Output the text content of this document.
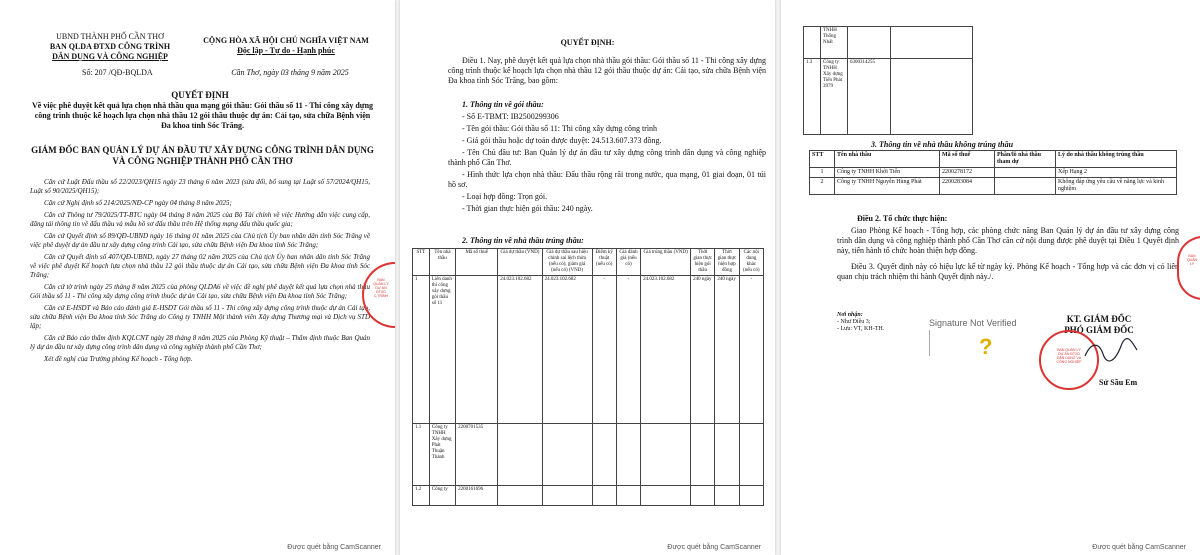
UBND THÀNH PHỐ CẦN THƠ
BAN QLDA ĐTXD CÔNG TRÌNH
DÂN DỤNG VÀ CÔNG NGHIỆP
Số: 207 /QĐ-BQLDA
CỘNG HÒA XÃ HỘI CHỦ NGHĨA VIỆT NAM
Độc lập - Tự do - Hạnh phúc
Cần Thơ, ngày 03 tháng 9 năm 2025
QUYẾT ĐỊNH
Về việc phê duyệt kết quả lựa chọn nhà thầu qua mạng gói thầu: Gói thầu số 11 - Thi công xây dựng công trình thuộc kế hoạch lựa chọn nhà thầu 12 gói thầu thuộc dự án: Cải tạo, sửa chữa Bệnh viện Đa khoa tỉnh Sóc Trăng.
GIÁM ĐỐC BAN QUẢN LÝ DỰ ÁN ĐẦU TƯ XÂY DỰNG CÔNG TRÌNH DÂN DỤNG VÀ CÔNG NGHIỆP THÀNH PHỐ CẦN THƠ
Căn cứ Luật Đấu thầu số 22/2023/QH15 ngày 23 tháng 6 năm 2023 (sửa đổi, bổ sung tại Luật số 57/2024/QH15, Luật số 90/2025/QH15);
Căn cứ Nghị định số 214/2025/NĐ-CP ngày 04 tháng 8 năm 2025;
Căn cứ Thông tư 79/2025/TT-BTC ngày 04 tháng 8 năm 2025 của Bộ Tài chính về việc Hướng dẫn việc cung cấp, đăng tải thông tin về đấu thầu và mẫu hồ sơ đấu thầu trên Hệ thống mạng đấu thầu quốc gia;
Căn cứ Quyết định số 89/QĐ-UBND ngày 16 tháng 01 năm 2025 của Chủ tịch Ủy ban nhân dân tỉnh Sóc Trăng về việc phê duyệt dự án đầu tư xây dựng công trình Cải tạo, sửa chữa Bệnh viện Đa khoa tỉnh Sóc Trăng;
Căn cứ Quyết định số 407/QĐ-UBND, ngày 27 tháng 02 năm 2025 của Chủ tịch Ủy ban nhân dân tỉnh Sóc Trăng về việc phê duyệt Kế hoạch lựa chọn nhà thầu 12 gói thầu thuộc dự án Cải tạo, sửa chữa Bệnh viện Đa khoa tỉnh Sóc Trăng;
Căn cứ tờ trình ngày 25 tháng 8 năm 2025 của phòng QLDA6 về việc đề nghị phê duyệt kết quả lựa chọn nhà thầu Gói thầu số 11 - Thi công xây dựng công trình thuộc dự án Cải tạo, sửa chữa Bệnh viện Đa khoa tỉnh Sóc Trăng;
Căn cứ E-HSDT và Báo cáo đánh giá E-HSDT Gói thầu số 11 - Thi công xây dựng công trình thuộc dự án Cải tạo, sửa chữa Bệnh viện Đa khoa tỉnh Sóc Trăng do Công ty TNHH Một thành viên Xây dựng Thương mại và Dịch vụ STD lập;
Căn cứ Báo cáo thẩm định KQLCNT ngày 28 tháng 8 năm 2025 của Phòng Kỹ thuật – Thẩm định thuộc Ban Quản lý dự án đầu tư xây dựng công trình dân dụng và công nghiệp thành phố Cần Thơ;
Xét đề nghị của Trưởng phòng Kế hoạch - Tổng hợp.
BAN
QUẢN LÝ
DỰ ÁN
ĐTXD
C.TRÌNH
Được quét bằng CamScanner
QUYẾT ĐỊNH:
Điều 1. Nay, phê duyệt kết quả lựa chọn nhà thầu gói thầu: Gói thầu số 11 - Thi công xây dựng công trình thuộc kế hoạch lựa chọn nhà thầu 12 gói thầu thuộc dự án: Cải tạo, sửa chữa Bệnh viện Đa khoa tỉnh Sóc Trăng, bao gồm:
1. Thông tin về gói thầu:
- Số E-TBMT: IB2500299306
- Tên gói thầu: Gói thầu số 11: Thi công xây dựng công trình
- Giá gói thầu hoặc dự toán được duyệt: 24.513.607.373 đồng.
- Tên Chủ đầu tư: Ban Quản lý dự án đầu tư xây dựng công trình dân dụng và công nghiệp thành phố Cần Thơ.
- Hình thức lựa chọn nhà thầu: Đấu thầu rộng rãi trong nước, qua mạng, 01 giai đoạn, 01 túi hồ sơ.
- Loại hợp đồng: Trọn gói.
- Thời gian thực hiện gói thầu: 240 ngày.
2. Thông tin về nhà thầu trúng thầu:
STT	Tên nhà thầu	Mã số thuế	Giá dự thầu (VND)	Giá dự thầu sau hiệu chỉnh sai lệch thừa (nếu có), giảm giá (nếu có) (VND)	Điểm kỹ thuật (nếu có)	Giá đánh giá (nếu có)	Giá trúng thầu (VND)	Thời gian thực hiện gói thầu	Thời gian thực hiện hợp đồng	Các nội dung khác (nếu có)
1	Liên danh thi công xây dựng gói thầu số 11		24.023.102.682	24.023.102.682	-	-	24.023.102.682	240 ngày	240 ngày	-
1.1	Công ty TNHH Xây dựng Phát Thuận Thành	2200701535								
1.2	Công ty	2200161696								
Được quét bằng CamScanner
	TNHH Thống Nhất		
1.3	Công ty TNHH Xây dựng Tiến Phát 3979	6300314255	
3. Thông tin về nhà thầu không trúng thầu
STT	Tên nhà thầu	Mã số thuế	Phần/lô nhà thầu tham dự	Lý do nhà thầu không trúng thầu
1	Công ty TNHH Khởi Tiến	2200278172		Xếp Hạng 2
2	Công ty TNHH Nguyễn Hùng Phát	2200283084		Không đáp ứng yêu cầu về năng lực và kinh nghiệm
Điều 2. Tổ chức thực hiện:
Giao Phòng Kế hoạch - Tổng hợp, các phòng chức năng Ban Quản lý dự án đầu tư xây dựng công trình dân dụng và công nghiệp thành phố Cần Thơ căn cứ nội dung được phê duyệt tại Điều 1 Quyết định này, tiến hành tổ chức hoàn thiện hợp đồng.
Điều 3. Quyết định này có hiệu lực kể từ ngày ký. Phòng Kế hoạch - Tổng hợp và các đơn vị có liên quan chịu trách nhiệm thi hành Quyết định này./.
Nơi nhận:
- Như Điều 3;
- Lưu: VT, KH-TH.
KT. GIÁM ĐỐC
PHÓ GIÁM ĐỐC
Signature Not Verified
?	BAN QUẢN LÝ
DỰ ÁN ĐTXD
DÂN DỤNG VÀ
CÔNG NGHIỆP
Sử Sầu Em
BAN
QUẢN
LÝ
Được quét bằng CamScanner
